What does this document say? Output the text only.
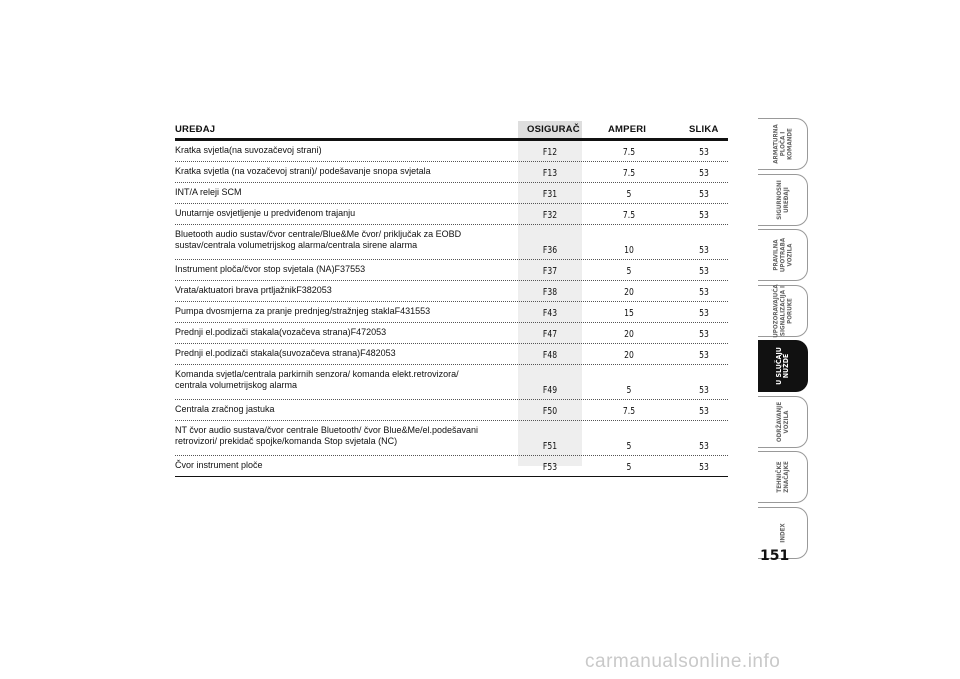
UREĐAJ	OSIGURAČ	AMPERI	SLIKA
Kratka svjetla(na suvozačevoj strani)	F12	7.5	53
Kratka svjetla (na vozačevoj strani)/ podešavanje snopa svjetala	F13	7.5	53
INT/A releji SCM	F31	5	53
Unutarnje osvjetljenje u predviđenom trajanju	F32	7.5	53
Bluetooth audio sustav/čvor centrale/Blue&Me čvor/ priključak za EOBD
sustav/centrala volumetrijskog alarma/centrala sirene alarma	F36	10	53
Instrument ploča/čvor stop svjetala (NA)F37553	F37	5	53
Vrata/aktuatori brava prtljažnikF382053	F38	20	53
Pumpa dvosmjerna za pranje prednjeg/stražnjeg staklaF431553	F43	15	53
Prednji el.podizači stakala(vozačeva strana)F472053	F47	20	53
Prednji el.podizači stakala(suvozačeva strana)F482053	F48	20	53
Komanda svjetla/centrala parkirnih senzora/ komanda elekt.retrovizora/
centrala volumetrijskog alarma	F49	5	53
Centrala zračnog jastuka	F50	7.5	53
NT čvor audio sustava/čvor centrale Bluetooth/ čvor Blue&Me/el.podešavani
retrovizori/ prekidač spojke/komanda Stop svjetala (NC)	F51	5	53
Čvor instrument ploče	F53	5	53
ARMATURNA
PLOČA I
KOMANDE
SIGURNOSNI
UREĐAJI
PRAVILNA
UPOTRABA
VOZILA
UPOZORAVAJUĆA
SIGNALIZACIJA I
PORUKE
U SLUČAJU
NUŽDE
ODRŽAVANJE
VOZILA
TEHNIČKE
ZNAČAJKE
INDEX
151
carmanualsonline.info
